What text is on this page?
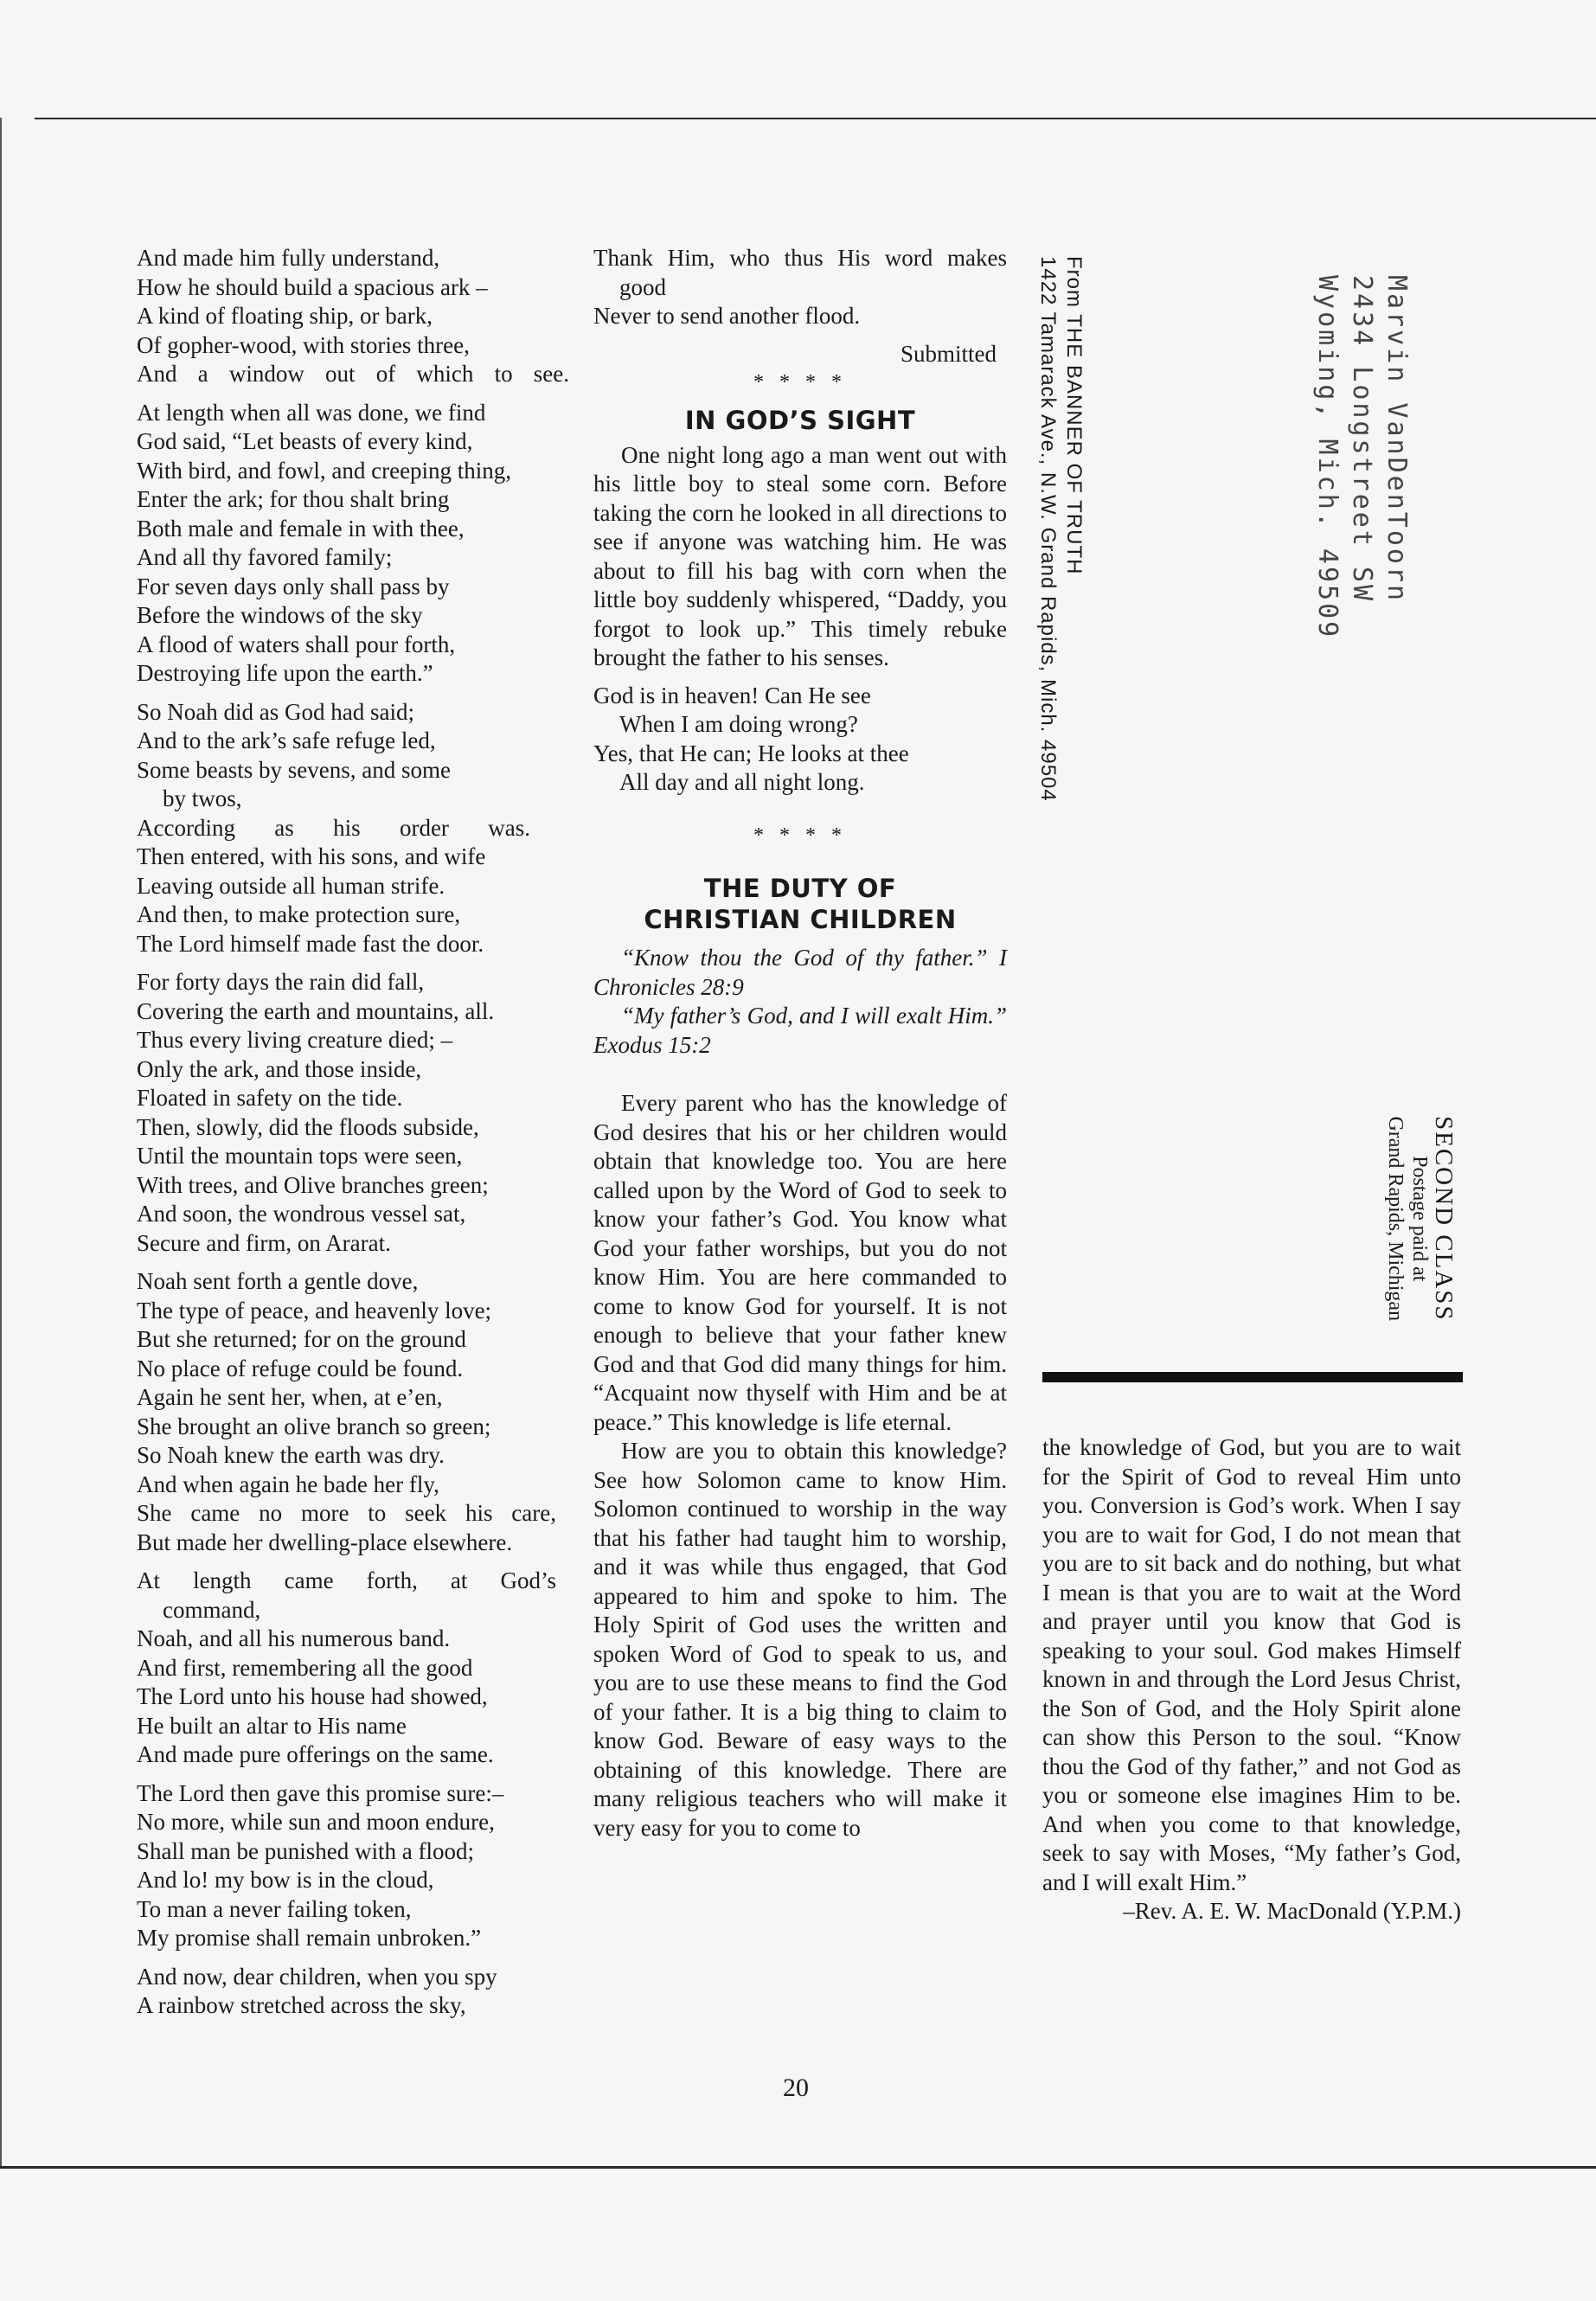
And made him fully understand,

How he should build a spacious ark –

A kind of floating ship, or bark,

Of gopher-wood, with stories three,

And a window out of which to see.

At length when all was done, we find

God said, “Let beasts of every kind,

With bird, and fowl, and creeping thing,

Enter the ark; for thou shalt bring

Both male and female in with thee,

And all thy favored family;

For seven days only shall pass by

Before the windows of the sky

A flood of waters shall pour forth,

Destroying life upon the earth.”

So Noah did as God had said;

And to the ark’s safe refuge led,

Some beasts by sevens, and some

by twos,

According as his order was.

Then entered, with his sons, and wife

Leaving outside all human strife.

And then, to make protection sure,

The Lord himself made fast the door.

For forty days the rain did fall,

Covering the earth and mountains, all.

Thus every living creature died; –

Only the ark, and those inside,

Floated in safety on the tide.

Then, slowly, did the floods subside,

Until the mountain tops were seen,

With trees, and Olive branches green;

And soon, the wondrous vessel sat,

Secure and firm, on Ararat.

Noah sent forth a gentle dove,

The type of peace, and heavenly love;

But she returned; for on the ground

No place of refuge could be found.

Again he sent her, when, at e’en,

She brought an olive branch so green;

So Noah knew the earth was dry.

And when again he bade her fly,

She came no more to seek his care,

But made her dwelling-place elsewhere.

At length came forth, at God’s

command,

Noah, and all his numerous band.

And first, remembering all the good

The Lord unto his house had showed,

He built an altar to His name

And made pure offerings on the same.

The Lord then gave this promise sure:–

No more, while sun and moon endure,

Shall man be punished with a flood;

And lo! my bow is in the cloud,

To man a never failing token,

My promise shall remain unbroken.”

And now, dear children, when you spy

A rainbow stretched across the sky,

Thank Him, who thus His word makes

good

Never to send another flood.

Submitted

* * * *

IN GOD’S SIGHT

One night long ago a man went out with his little boy to steal some corn. Before taking the corn he looked in all directions to see if anyone was watching him. He was about to fill his bag with corn when the little boy suddenly whispered, “Daddy, you forgot to look up.” This timely rebuke brought the father to his senses.

God is in heaven! Can He see

When I am doing wrong?

Yes, that He can; He looks at thee

All day and all night long.

* * * *

THE DUTY OF
CHRISTIAN CHILDREN

“Know thou the God of thy father.” I Chronicles 28:9

“My father’s God, and I will exalt Him.” Exodus 15:2

Every parent who has the knowledge of God desires that his or her children would obtain that knowledge too. You are here called upon by the Word of God to seek to know your father’s God. You know what God your father worships, but you do not know Him. You are here commanded to come to know God for yourself. It is not enough to believe that your father knew God and that God did many things for him. “Acquaint now thyself with Him and be at peace.” This knowledge is life eternal.

How are you to obtain this knowledge? See how Solomon came to know Him. Solomon continued to worship in the way that his father had taught him to worship, and it was while thus engaged, that God appeared to him and spoke to him. The Holy Spirit of God uses the written and spoken Word of God to speak to us, and you are to use these means to find the God of your father. It is a big thing to claim to know God. Beware of easy ways to the obtaining of this knowledge. There are many religious teachers who will make it very easy for you to come to

the knowledge of God, but you are to wait for the Spirit of God to reveal Him unto you. Conversion is God’s work. When I say you are to wait for God, I do not mean that you are to sit back and do nothing, but what I mean is that you are to wait at the Word and prayer until you know that God is speaking to your soul. God makes Himself known in and through the Lord Jesus Christ, the Son of God, and the Holy Spirit alone can show this Person to the soul. “Know thou the God of thy father,” and not God as you or someone else imagines Him to be. And when you come to that knowledge, seek to say with Moses, “My father’s God, and I will exalt Him.”

–Rev. A. E. W. MacDonald (Y.P.M.)

From THE BANNER OF TRUTH
1422 Tamarack Ave., N.W. Grand Rapids, Mich. 49504	Marvin VanDenToorn
2434 Longstreet SW
Wyoming, Mich. 49509
SECOND CLASS
Postage paid at
Grand Rapids, Michigan
20
